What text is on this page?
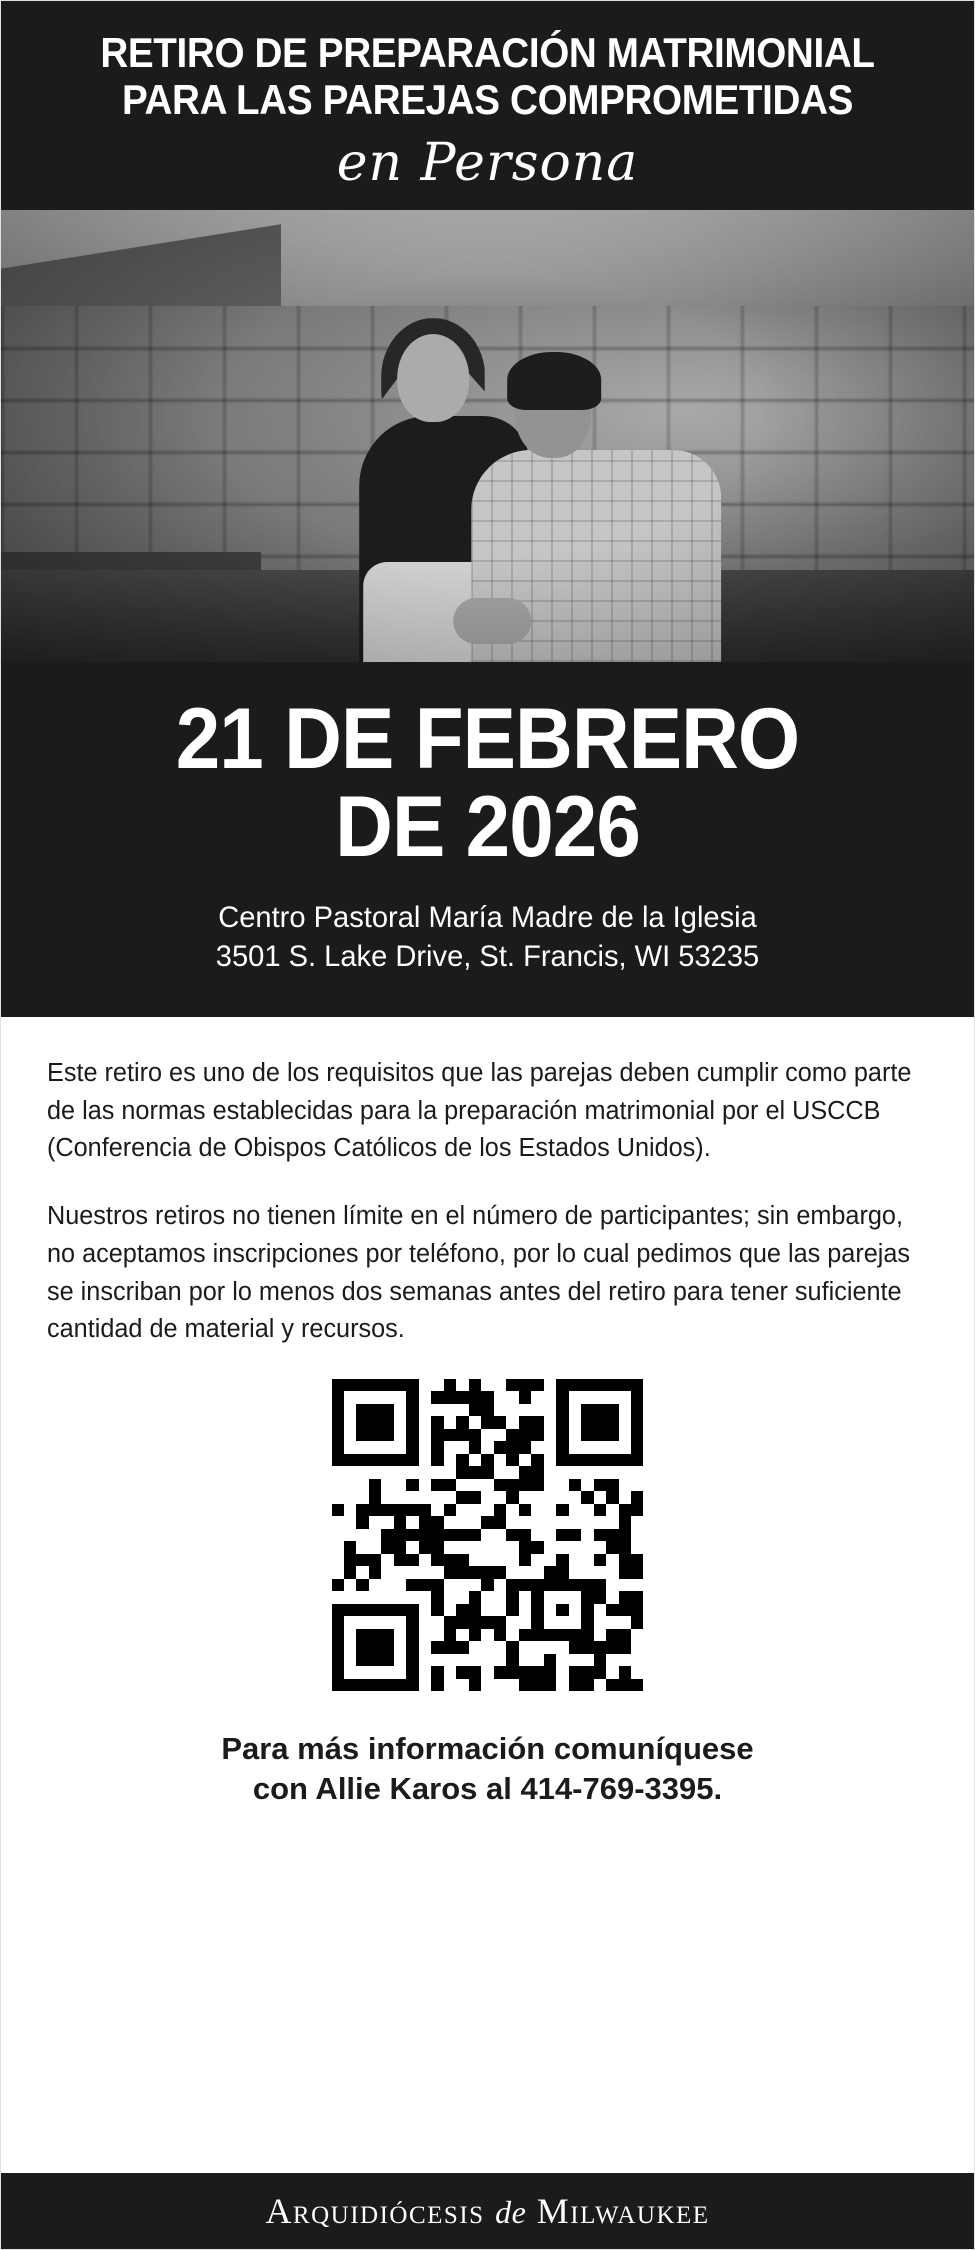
RETIRO DE PREPARACIÓN MATRIMONIAL
PARA LAS PAREJAS COMPROMETIDAS
en Persona
21 DE FEBRERO
DE 2026
Centro Pastoral María Madre de la Iglesia
3501 S. Lake Drive, St. Francis, WI 53235

Este retiro es uno de los requisitos que las parejas deben cumplir como parte de las normas establecidas para la preparación matrimonial por el USCCB (Conferencia de Obispos Católicos de los Estados Unidos).

Nuestros retiros no tienen límite en el número de participantes; sin embargo, no aceptamos inscripciones por teléfono, por lo cual pedimos que las parejas se inscriban por lo menos dos semanas antes del retiro para tener suficiente cantidad de material y recursos.

Para más información comuníquese
con Allie Karos al 414-769-3395.
Arquidiócesis de Milwaukee
